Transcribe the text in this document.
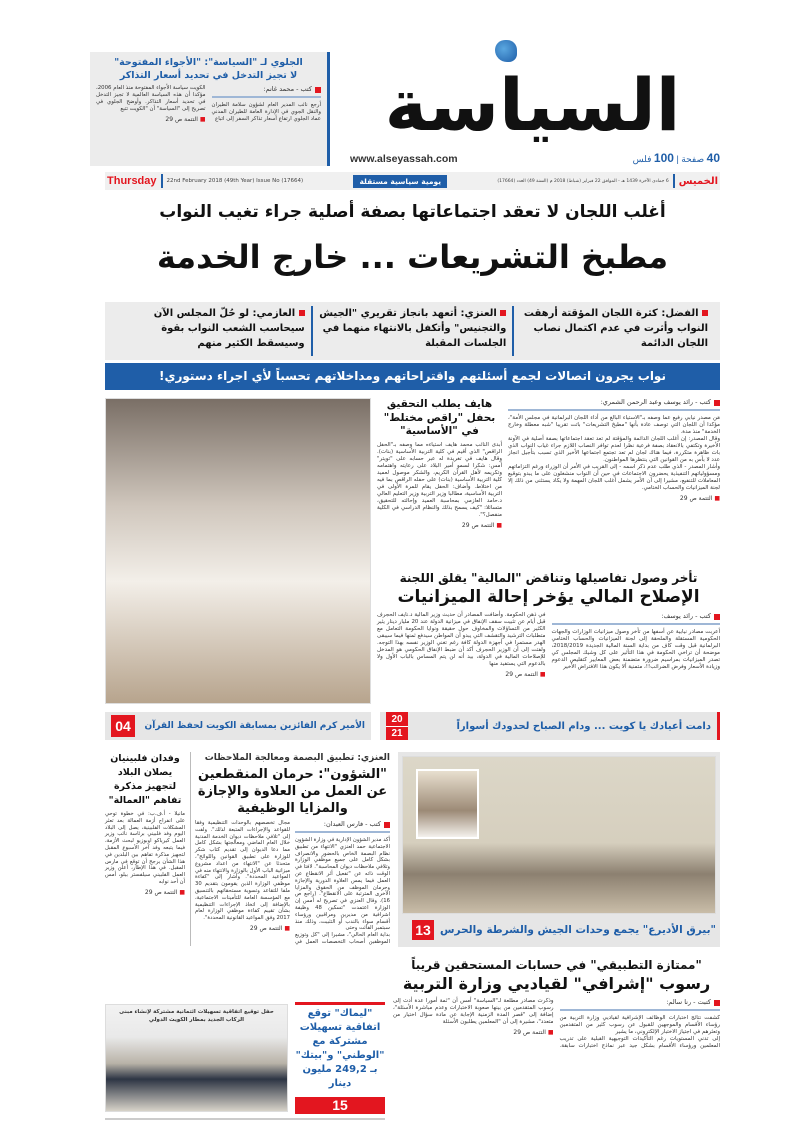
الجلوي لـ "السياسة": "الأجواء المفتوحة"
لا تجيز التدخل في تحديد أسعار التذاكر
كتب - محمد غانم:
أرجع نائب المدير العام لشؤون سلامة الطيران والنقل الجوي في الإدارة العامة للطيران المدني عماد الجلوي ارتفاع أسعار تذاكر السفر إلى اتباع
الكويت سياسة الأجواء المفتوحة منذ العام 2006، مؤكدا أن هذه السياسة العالمية لا تجيز التدخل في تحديد أسعار التذاكر. وأوضح الجلوي في تصريح إلى "السياسة" أن "الكويت تتبع
■ التتمة ص 29	السياسة
www.alseyassah.com	40 صفحة | 100 فلس
Thursday 22nd February 2018 (49th Year) Issue No (17664)	يومية سياسية مستقلة	الخميس
6 جمادى الآخرة 1439 هـ - الموافق 22 فبراير (شباط) 2018 م (السنة 49) العدد (17664)
أغلب اللجان لا تعقد اجتماعاتها بصفة أصلية جراء تغيب النواب
مطبخ التشريعات ... خارج الخدمة
الفضل: كثرة اللجان المؤقتة أرهقت النواب وأثرت في عدم اكتمال نصاب اللجان الدائمة
العنزي: أتعهد بانجاز تقريري "الجيش والتجنيس" وأتكفل بالانتهاء منهما في الجلسات المقبلة
العازمي: لو حُلّ المجلس الآن سيحاسب الشعب النواب بقوة وسيسقط الكثير منهم
نواب يجرون اتصالات لجمع أسئلتهم واقتراحاتهم ومداخلاتهم تحسباً لأي اجراء دستوري!
كتب - رائد يوسف وعبد الرحمن الشمري:
مَن مصدر نيابي رفيع عما وصفه بـ"الاستياء البالغ من أداء اللجان البرلمانية في مجلس الأمة"، مؤكدا أن اللجان التي توصف عادة بأنها "مطبخ التشريعات" باتت تقريبا "شبه معطلة وخارج الخدمة" منذ مدة.
وقال المصدر: إن أغلب اللجان الدائمة والمؤقتة لم تعد تعقد اجتماعاتها بصفة أصلية في الآونة الأخيرة وتكتفي بالانعقاد بصفة فرعية نظرا لعدم توافر النصاب اللازم جراء غياب النواب الذي بات ظاهرة متكررة، فيما هناك لجان لم تعد تجتمع اجتماعها الأخير الذي تسبب بتأجيل انجاز عدد لا بأس به من القوانين التي ينتظرها المواطنون.
وأشار المصدر - الذي طلب عدم ذكر اسمه - إلى القريب في الأمر أن الوزراء ورغم التزاماتهم ومسؤولياتهم التنفيذية يحضرون الاجتماعات في حين أن النواب منشغلون على ما يبدو بتوقيع المعاملات للتنفيع، مشيرا إلى أن الأمر يشمل أغلب اللجان المهمة ولا يكاد يستثنى من ذلك إلا لجنة الميزانيات والحساب الختامي.
■ التتمة ص 29
هايف يطلب التحقيق بحفل "راقص مختلط" في "الأساسية"
أبدى النائب محمد هايف استياءه مما وصفه بـ"الحفل الراقص" الذي أقيم في كلية التربية الأساسية (بنات). وقال هايف في تغريدة له عبر حسابه على "تويتر" أمس: شكرا لسمو أمير البلاد على رعايته واهتمامه وتكريمه لأهل القرآن الكريم، والشكر موصول لعميد كلية التربية الأساسية (بنات) على حفله الراقص بما فيه من اختلاط. وأضاف: الحفل يقام للمرة الأولى في التربية الأساسية، مطالبا وزير التربية وزير التعليم العالي د.حامد العازمي بمحاسبة العميد وإحالته للتحقيق، متسائلا: "كيف يسمح بذلك والنظام الدراسي في الكلية منفصل؟".
■ التتمة ص 29
تأخر وصول تفاصيلها وتناقض "المالية" يقلق اللجنة
الإصلاح المالي يؤخر إحالة الميزانيات
كتب - رائد يوسف:
أعربت مصادر نيابية عن أسفها من تأخر وصول ميزانيات الوزارات والجهات الحكومية المستقلة والملحقة إلى لجنة الميزانيات والحساب الختامي البرلمانية قبل وقت كاف من بداية السنة المالية الجديدة 2018/2019، موضحة أن تراخي الحكومة في هذا التأثير على كل وشيك المجلس كي تصدر الميزانيات بمراسيم ضرورة متضمنة بعض المعايير كتقليص الدعوم وزيادة الأسعار وفرض الضرائب!!، متمنية ألا يكون هذا الافتراض الأخير
في ذهن الحكومة. وأضافت المصادر أن حديث وزير المالية د.نايف الحجرف قبل أيام عن تثبيت سقف الإنفاق في ميزانية الدولة عند 20 مليار دينار يثير الكثير من التساؤلات والمخاوف حول حقيقة ونوايا الحكومة التعامل مع متطلبات الترشيد والتقشف التي يبدو أن المواطن سيدفع ثمنها فيما سيبقى الهدر مستمرا في أجهزة الدولة كافة رغم تغني الوزير نفسه بهذا التوجه. ولفتت إلى أن الوزير الحجرف أكد أن ضبط الإنفاق الحكومي هو المدخل للإصلاحات المالية في الدولة، بيد أنه لن يتم المساس بالباب الأول ولا بالدعوم التي يستفيد منها
■ التتمة ص 29
الأمير كرم الفائزين بمسابقة الكويت لحفظ القرآن
04	دامت أعيادك يا كويت ... ودام الصباح لحدودك أسواراً
20
21
"بيرق الأديرع" يجمع وحدات الجيش والشرطة والحرس
13
العنزي: تطبيق البصمة ومعالجة الملاحظات
"الشؤون": حرمان المنقطعين عن العمل من العلاوة والإجازة والمزايا الوظيفية
كتب - فارس العبدان:
أكد مدير الشؤون الإدارية في وزارة الشؤون الاجتماعية حمد العنزي "الانتهاء من تطبيق نظام البصمة الخاص بالحضور والانصراف بشكل كامل على جميع موظفي الوزارة وتلافي ملاحظات ديوان المحاسبة". لافتا في الوقت ذاته عن "تفعيل أثر الانقطاع عن العمل فيما يمس العلاوة الدورية والإجازة وحرمان الموظف من الحقوق والمزايا الأخرى المترتبة على الانقطاع". (راجع ص 16). وقال العنزي في تصريح له أمس إن الوزارة اعتمدت "تسكين 48 وظيفة اشرافية من مديرين ومراقبين ورؤساء أقسام سواء بالندب أو التثبيت، وذلك منذ سبتمبر الفائت وحتى
بداية العام الحالي"، مشيرا إلى "كل وتوزيع الموظفين أصحاب التخصصات العمل في مجال تخصصهم بالوحدات التنظيمية وفقا للقواعد والإجراءات المتبعة لذلك". ولفت إلى "تلافي ملاحظات ديوان الخدمة المدنية خلال العام الماضي ومعالجتها بشكل كامل مما دعا الديوان إلى تقديم كتاب شكر للوزارة على تطبيق القوانين واللوائح"، متحدثا عن "الانتهاء من اعداد مشروع ميزانية الباب الأول بالوزارة والانتهاء منه في المواعيد المحددة". وأشار إلى "كفاءة موظفي الوزارة الذين يقومون بتقديم 30 ملفا للتقاعد وتسوية مستحقاتهم بالتنسيق مع المؤسسة العامة للتأمينات الاجتماعية، بالإضافة إلى اتخاذ الإجراءات التنظيمية بشأن تقييم كفاءة موظفي الوزارة لعام 2017 وفق المواعيد القانونية المحددة".
■ التتمة ص 29
وفدان فلبينيان يصلان البلاد لتجهيز مذكرة تفاهم "العمالة"
مانيلا - أ.ف.ب: في خطوة توحي على انفراج أزمة العمالة بعد تعثر المشكلات الفلبينية، يصل إلى البلاد اليوم وفد فلبيني برئاسة نائب وزير العمل كيرياكو اوبوزيو لبحث الأزمة، فيما يتبعه وفد آخر الأسبوع المقبل لتجهيز مذكرة تفاهم بين البلدين في هذا الشأن يرجح أن توقع في مارس المقبل. في هذا الإطار، أعلن وزير العمل الفلبيني سيلفستر بيلو، أمس أن أحد نوابه
■ التتمة ص 29
حفل توقيع اتفاقية تسهيلات ائتمانية مشتركة لإنشاء مبنى الركاب الجديد بمطار الكويت الدولي
"ليماك" توقع اتفاقية تسهيلات مشتركة مع "الوطني" و"بيتك" بـ 249,2 مليون دينار
15
"ممتازة التطبيقي" في حسابات المستحقين قريباً
رسوب "إشرافي" لقياديي وزارة التربية
كتبت - رنا سالم:
كشفت نتائج اختبارات الوظائف الإشرافية لقياديي وزارة التربية من رؤساء الأقسام والموجهين للقبول عن رسوب كثير من المتقدمين وتعثرهم في اجتياز الاختبار الإلكتروني، ما يشير
إلى تدني المستويات رغم التأكيدات التوجيهية القبلية على تدريب المعلمين ورؤساء الأقسام بشكل جيد عبر نماذج اختبارات سابقة. وذكرت مصادر مطلعة لـ"السياسة" أمس أن "ثمة أمورا عدة أدت إلى رسوب المتقدمين من بينها صعوبة الاختبارات وعدم مباشرة الأسئلة"، إضافة إلى "قصر المدة الزمنية الإجابة عن مادة سؤال اختيار من متعدد"، مشيرة إلى أن "المعلمين يطلبون الأسئلة
■ التتمة ص 29
